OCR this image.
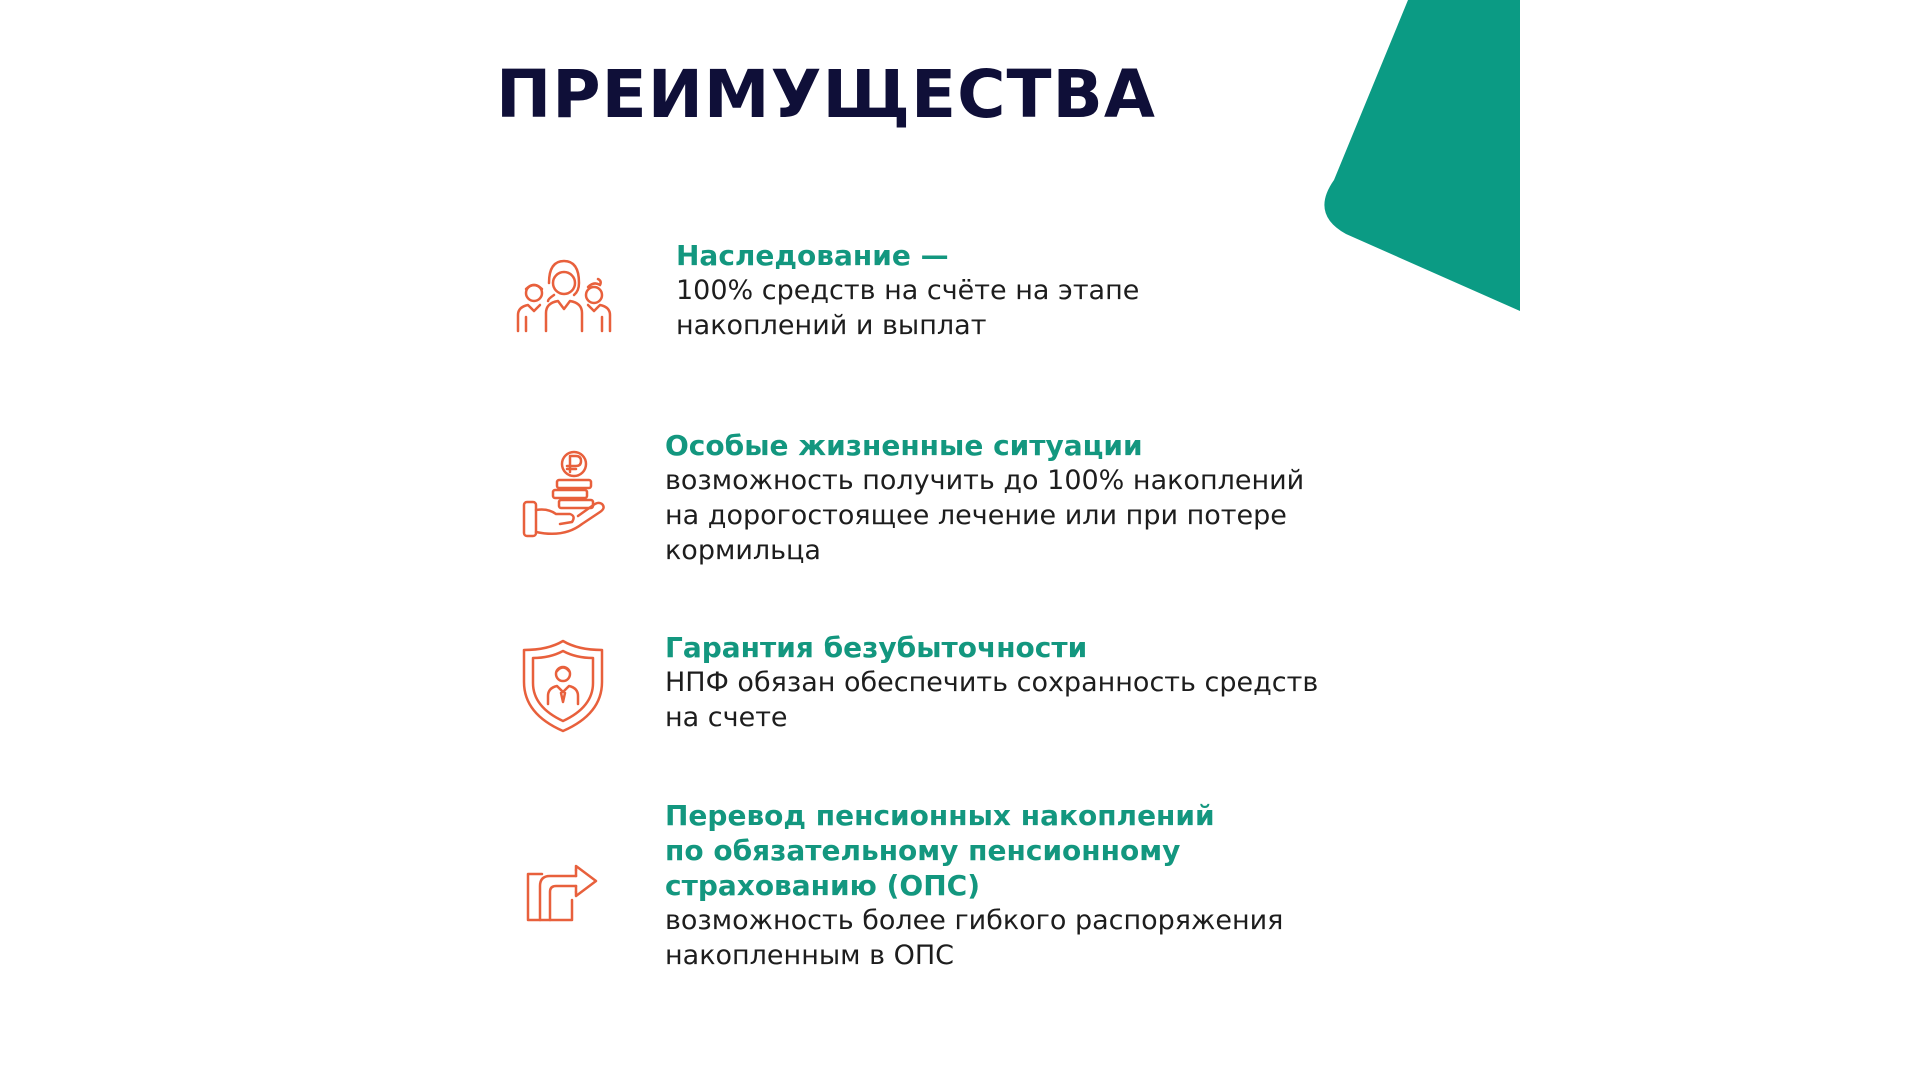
ПРЕИМУЩЕСТВА
Наследование —
100% средств на счёте на этапе
накоплений и выплат
Особые жизненные ситуации
возможность получить до 100% накоплений
на дорогостоящее лечение или при потере
кормильца
Гарантия безубыточности
НПФ обязан обеспечить сохранность средств
на счете
Перевод пенсионных накоплений
по обязательному пенсионному
страхованию (ОПС)
возможность более гибкого распоряжения
накопленным в ОПС
